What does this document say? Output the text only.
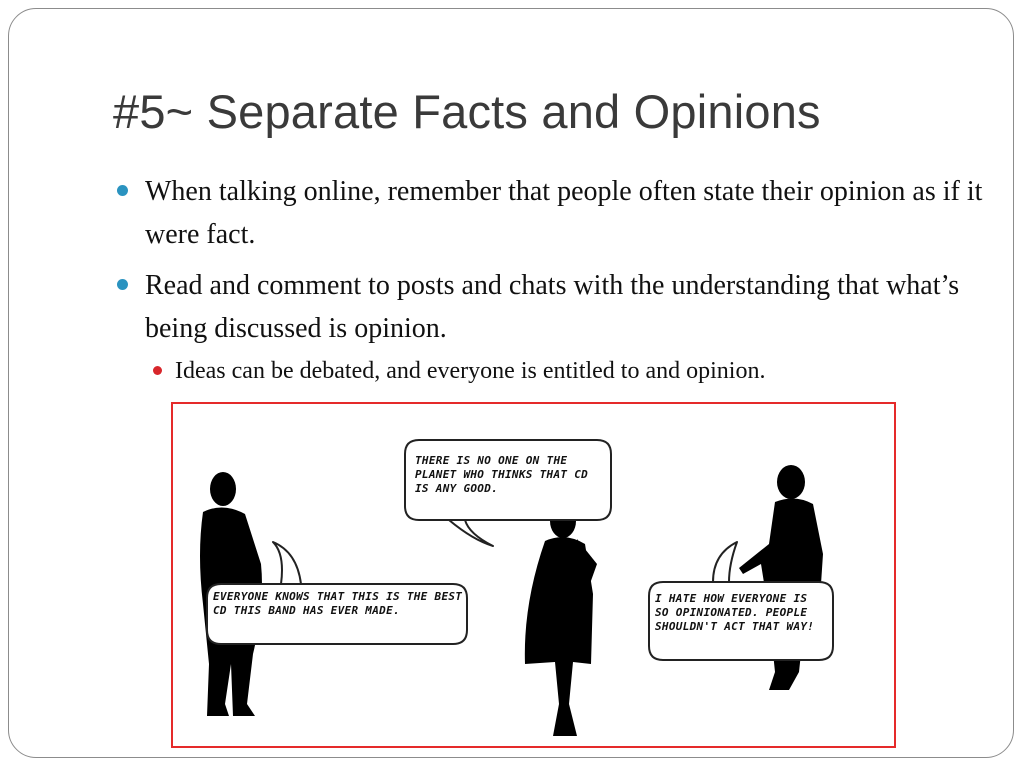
#5~ Separate Facts and Opinions
When talking online, remember that people often state their opinion as if it were fact.
Read and comment to posts and chats with the understanding that what’s being discussed is opinion.
Ideas can be debated, and everyone is entitled to and opinion.
EVERYONE KNOWS THAT THIS IS THE BEST CD THIS BAND HAS EVER MADE.
THERE IS NO ONE ON THE PLANET WHO THINKS THAT CD IS ANY GOOD.
I HATE HOW EVERYONE IS SO OPINIONATED. PEOPLE SHOULDN'T ACT THAT WAY!
